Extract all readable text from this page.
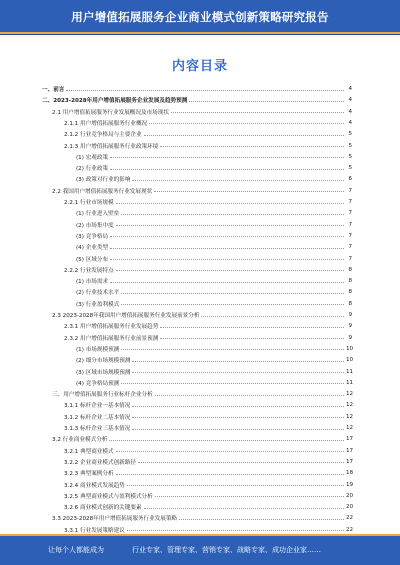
用户增值拓展服务企业商业模式创新策略研究报告
内容目录
一、前言	4
二、2023-2028年用户增值拓展服务企业发展及趋势预测	4
2.1 用户增值拓展服务行业发展概况及市场现状	4
2.1.1 用户增值拓展服务行业概况	4
2.1.2 行业竞争格局与主要企业	5
2.1.3 用户增值拓展服务行业政策环境	5
(1) 宏观政策	5
(2) 行业政策	5
(3) 政策对行业的影响	6
2.2 我国用户增值拓展服务行业发展现状	7
2.2.1 行业市场规模	7
(1) 行业进入壁垒	7
(2) 市场集中度	7
(3) 竞争格局	7
(4) 企业类型	7
(5) 区域分布	7
2.2.2 行业发展特点	8
(1) 市场需求	8
(2) 行业技术水平	8
(3) 行业盈利模式	8
2.3 2023-2028年我国用户增值拓展服务行业发展前景分析	9
2.3.1 用户增值拓展服务行业发展趋势	9
2.3.2 用户增值拓展服务行业前景预测	9
(1) 市场规模预测	10
(2) 细分市场规模预测	10
(3) 区域市场规模预测	11
(4) 竞争格局预测	11
三、用户增值拓展服务行业标杆企业分析	12
3.1.1 标杆企业一基本情况	12
3.1.2 标杆企业二基本情况	12
3.1.3 标杆企业三基本情况	12
3.2 行业商业模式分析	17
3.2.1 典型商业模式	17
3.2.2 企业商业模式创新路径	17
3.2.3 典型案例分析	18
3.2.4 商业模式发展趋势	19
3.2.5 典型商业模式与盈利模式分析	20
3.2.6 商业模式创新的关键要素	20
3.3 2023-2028年用户增值拓展服务行业发展策略	22
3.3.1 行业发展策略建议	22
让每个人都能成为	行业专家、管理专家、营销专家、战略专家、成功企业家……
